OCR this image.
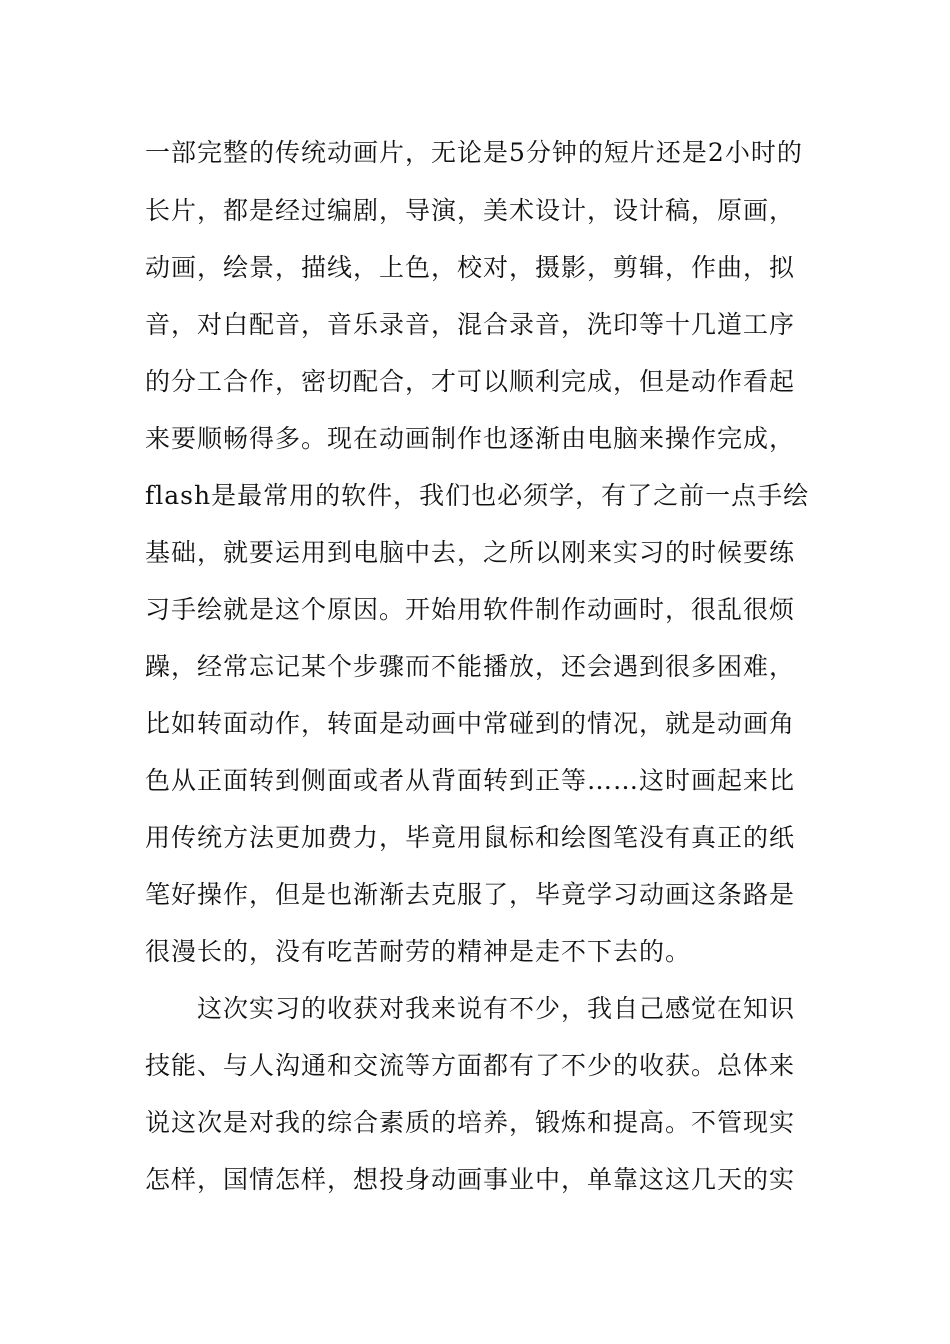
一部完整的传统动画片，无论是5分钟的短片还是2小时的
长片，都是经过编剧，导演，美术设计，设计稿，原画，
动画，绘景，描线，上色，校对，摄影，剪辑，作曲，拟
音，对白配音，音乐录音，混合录音，洗印等十几道工序
的分工合作，密切配合，才可以顺利完成，但是动作看起
来要顺畅得多。现在动画制作也逐渐由电脑来操作完成，
flash是最常用的软件，我们也必须学，有了之前一点手绘
基础，就要运用到电脑中去，之所以刚来实习的时候要练
习手绘就是这个原因。开始用软件制作动画时，很乱很烦
躁，经常忘记某个步骤而不能播放，还会遇到很多困难，
比如转面动作，转面是动画中常碰到的情况，就是动画角
色从正面转到侧面或者从背面转到正等……这时画起来比
用传统方法更加费力，毕竟用鼠标和绘图笔没有真正的纸
笔好操作，但是也渐渐去克服了，毕竟学习动画这条路是
很漫长的，没有吃苦耐劳的精神是走不下去的。
这次实习的收获对我来说有不少，我自己感觉在知识
技能、与人沟通和交流等方面都有了不少的收获。总体来
说这次是对我的综合素质的培养，锻炼和提高。不管现实
怎样，国情怎样，想投身动画事业中，单靠这这几天的实
